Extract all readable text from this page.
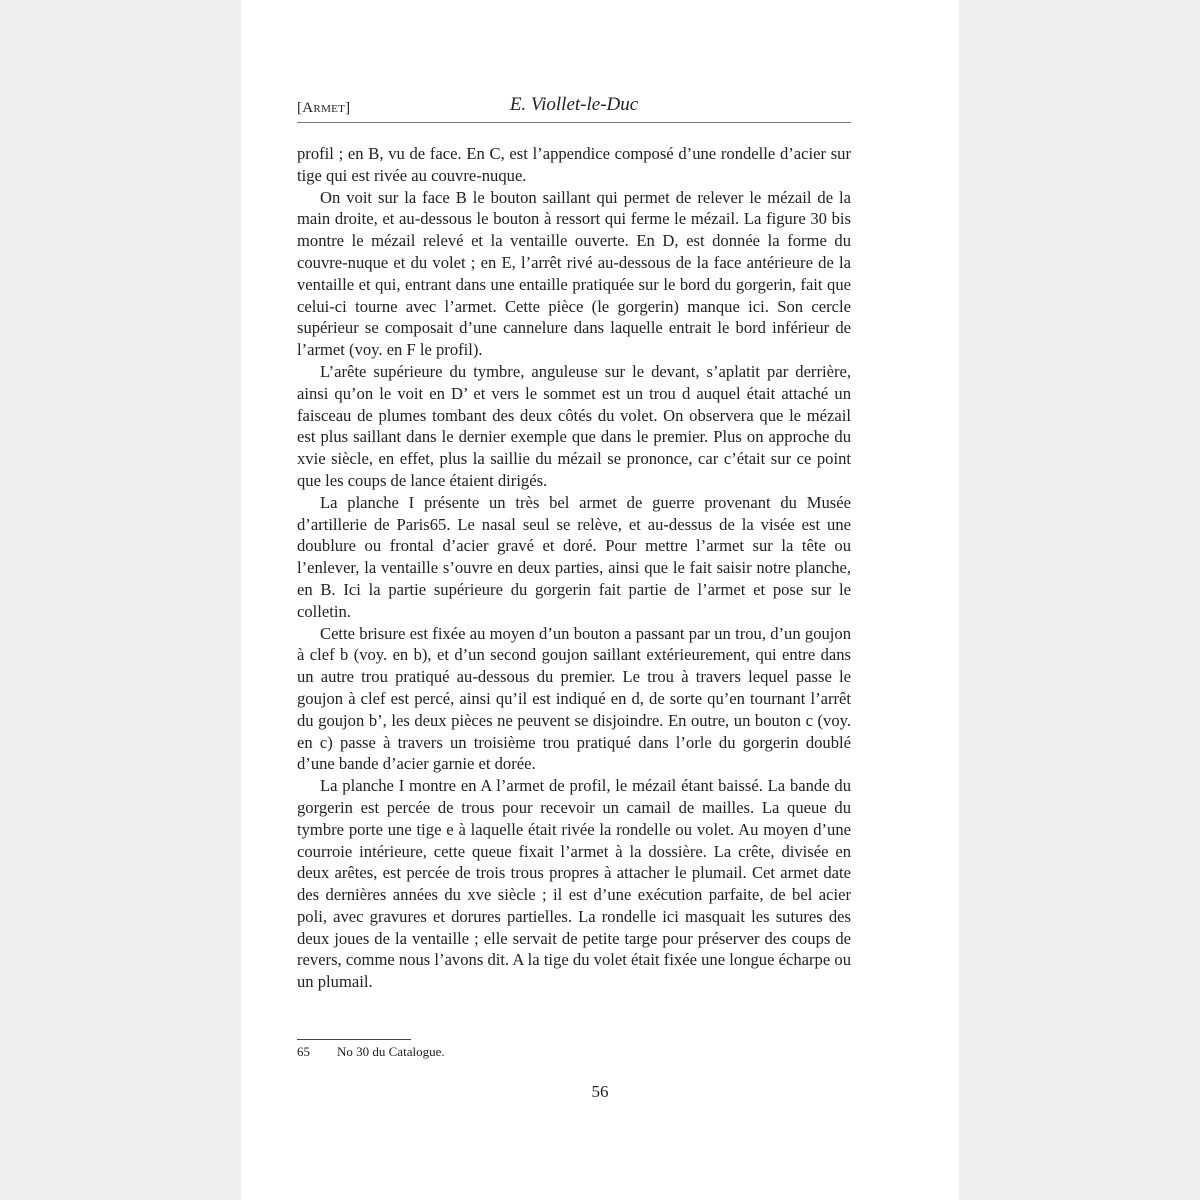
[Armet]	E. Viollet-le-Duc

profil ; en B, vu de face. En C, est l’appendice composé d’une rondelle d’acier sur tige qui est rivée au couvre-nuque.

On voit sur la face B le bouton saillant qui permet de relever le mézail de la main droite, et au-dessous le bouton à ressort qui ferme le mézail. La figure 30 bis montre le mézail relevé et la ventaille ouverte. En D, est donnée la forme du couvre-nuque et du volet ; en E, l’arrêt rivé au-dessous de la face antérieure de la ventaille et qui, entrant dans une entaille pratiquée sur le bord du gorgerin, fait que celui-ci tourne avec l’armet. Cette pièce (le gorgerin) manque ici. Son cercle supérieur se composait d’une cannelure dans laquelle entrait le bord inférieur de l’armet (voy. en F le profil).

L’arête supérieure du tymbre, anguleuse sur le devant, s’aplatit par derrière, ainsi qu’on le voit en D’ et vers le sommet est un trou d auquel était attaché un faisceau de plumes tombant des deux côtés du volet. On observera que le mézail est plus saillant dans le dernier exemple que dans le premier. Plus on approche du xvie siècle, en effet, plus la saillie du mézail se prononce, car c’était sur ce point que les coups de lance étaient dirigés.

La planche I présente un très bel armet de guerre provenant du Musée d’artillerie de Paris65. Le nasal seul se relève, et au-dessus de la visée est une doublure ou frontal d’acier gravé et doré. Pour mettre l’armet sur la tête ou l’enlever, la ventaille s’ouvre en deux parties, ainsi que le fait saisir notre planche, en B. Ici la partie supérieure du gorgerin fait partie de l’armet et pose sur le colletin.

Cette brisure est fixée au moyen d’un bouton a passant par un trou, d’un goujon à clef b (voy. en b), et d’un second goujon saillant extérieurement, qui entre dans un autre trou pratiqué au-dessous du premier. Le trou à travers lequel passe le goujon à clef est percé, ainsi qu’il est indiqué en d, de sorte qu’en tournant l’arrêt du goujon b’, les deux pièces ne peuvent se disjoindre. En outre, un bouton c (voy. en c) passe à travers un troisième trou pratiqué dans l’orle du gorgerin doublé d’une bande d’acier garnie et dorée.

La planche I montre en A l’armet de profil, le mézail étant baissé. La bande du gorgerin est percée de trous pour recevoir un camail de mailles. La queue du tymbre porte une tige e à laquelle était rivée la rondelle ou volet. Au moyen d’une courroie intérieure, cette queue fixait l’armet à la dossière. La crête, divisée en deux arêtes, est percée de trois trous propres à attacher le plumail. Cet armet date des dernières années du xve siècle ; il est d’une exécution parfaite, de bel acier poli, avec gravures et dorures partielles. La rondelle ici masquait les sutures des deux joues de la ventaille ; elle servait de petite targe pour préserver des coups de revers, comme nous l’avons dit. A la tige du volet était fixée une longue écharpe ou un plumail.

65 No 30 du Catalogue.
56
